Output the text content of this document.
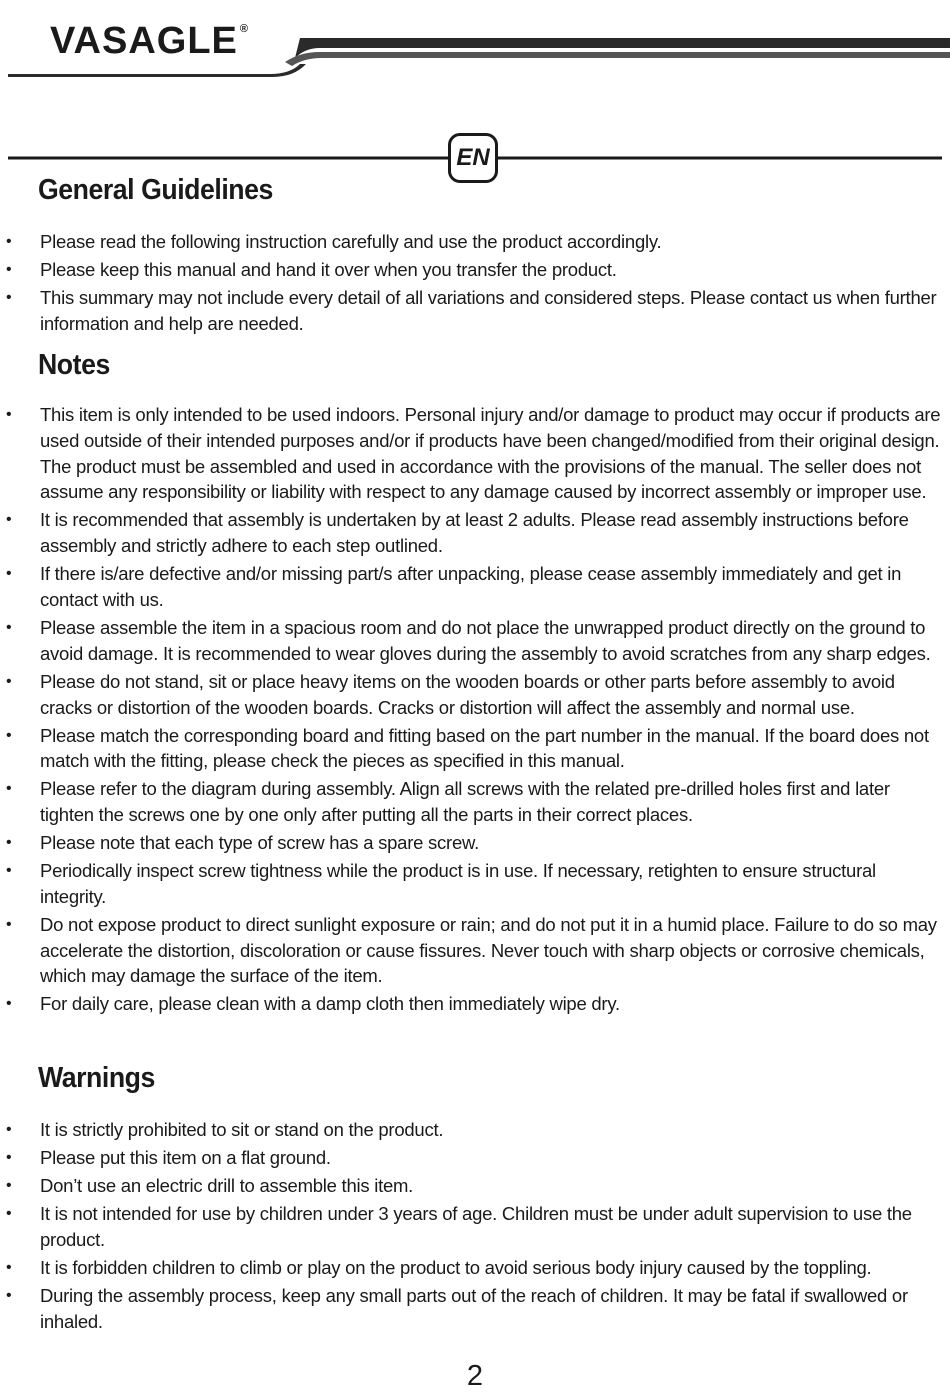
VASAGLE ®
EN
General Guidelines
• Please read the following instruction carefully and use the product accordingly.
• Please keep this manual and hand it over when you transfer the product.
• This summary may not include every detail of all variations and considered steps. Please contact us when further information and help are needed.
Notes
• This item is only intended to be used indoors. Personal injury and/or damage to product may occur if products are used outside of their intended purposes and/or if products have been changed/modified from their original design. The product must be assembled and used in accordance with the provisions of the manual. The seller does not assume any responsibility or liability with respect to any damage caused by incorrect assembly or improper use.
• It is recommended that assembly is undertaken by at least 2 adults. Please read assembly instructions before assembly and strictly adhere to each step outlined.
• If there is/are defective and/or missing part/s after unpacking, please cease assembly immediately and get in contact with us.
• Please assemble the item in a spacious room and do not place the unwrapped product directly on the ground to avoid damage. It is recommended to wear gloves during the assembly to avoid scratches from any sharp edges.
• Please do not stand, sit or place heavy items on the wooden boards or other parts before assembly to avoid cracks or distortion of the wooden boards. Cracks or distortion will affect the assembly and normal use.
• Please match the corresponding board and fitting based on the part number in the manual. If the board does not match with the fitting, please check the pieces as specified in this manual.
• Please refer to the diagram during assembly. Align all screws with the related pre-drilled holes first and later tighten the screws one by one only after putting all the parts in their correct places.
• Please note that each type of screw has a spare screw.
• Periodically inspect screw tightness while the product is in use. If necessary, retighten to ensure structural integrity.
• Do not expose product to direct sunlight exposure or rain; and do not put it in a humid place. Failure to do so may accelerate the distortion, discoloration or cause fissures. Never touch with sharp objects or corrosive chemicals, which may damage the surface of the item.
• For daily care, please clean with a damp cloth then immediately wipe dry.
Warnings
• It is strictly prohibited to sit or stand on the product.
• Please put this item on a flat ground.
• Don’t use an electric drill to assemble this item.
• It is not intended for use by children under 3 years of age. Children must be under adult supervision to use the product.
• It is forbidden children to climb or play on the product to avoid serious body injury caused by the toppling.
• During the assembly process, keep any small parts out of the reach of children. It may be fatal if swallowed or inhaled.
2
